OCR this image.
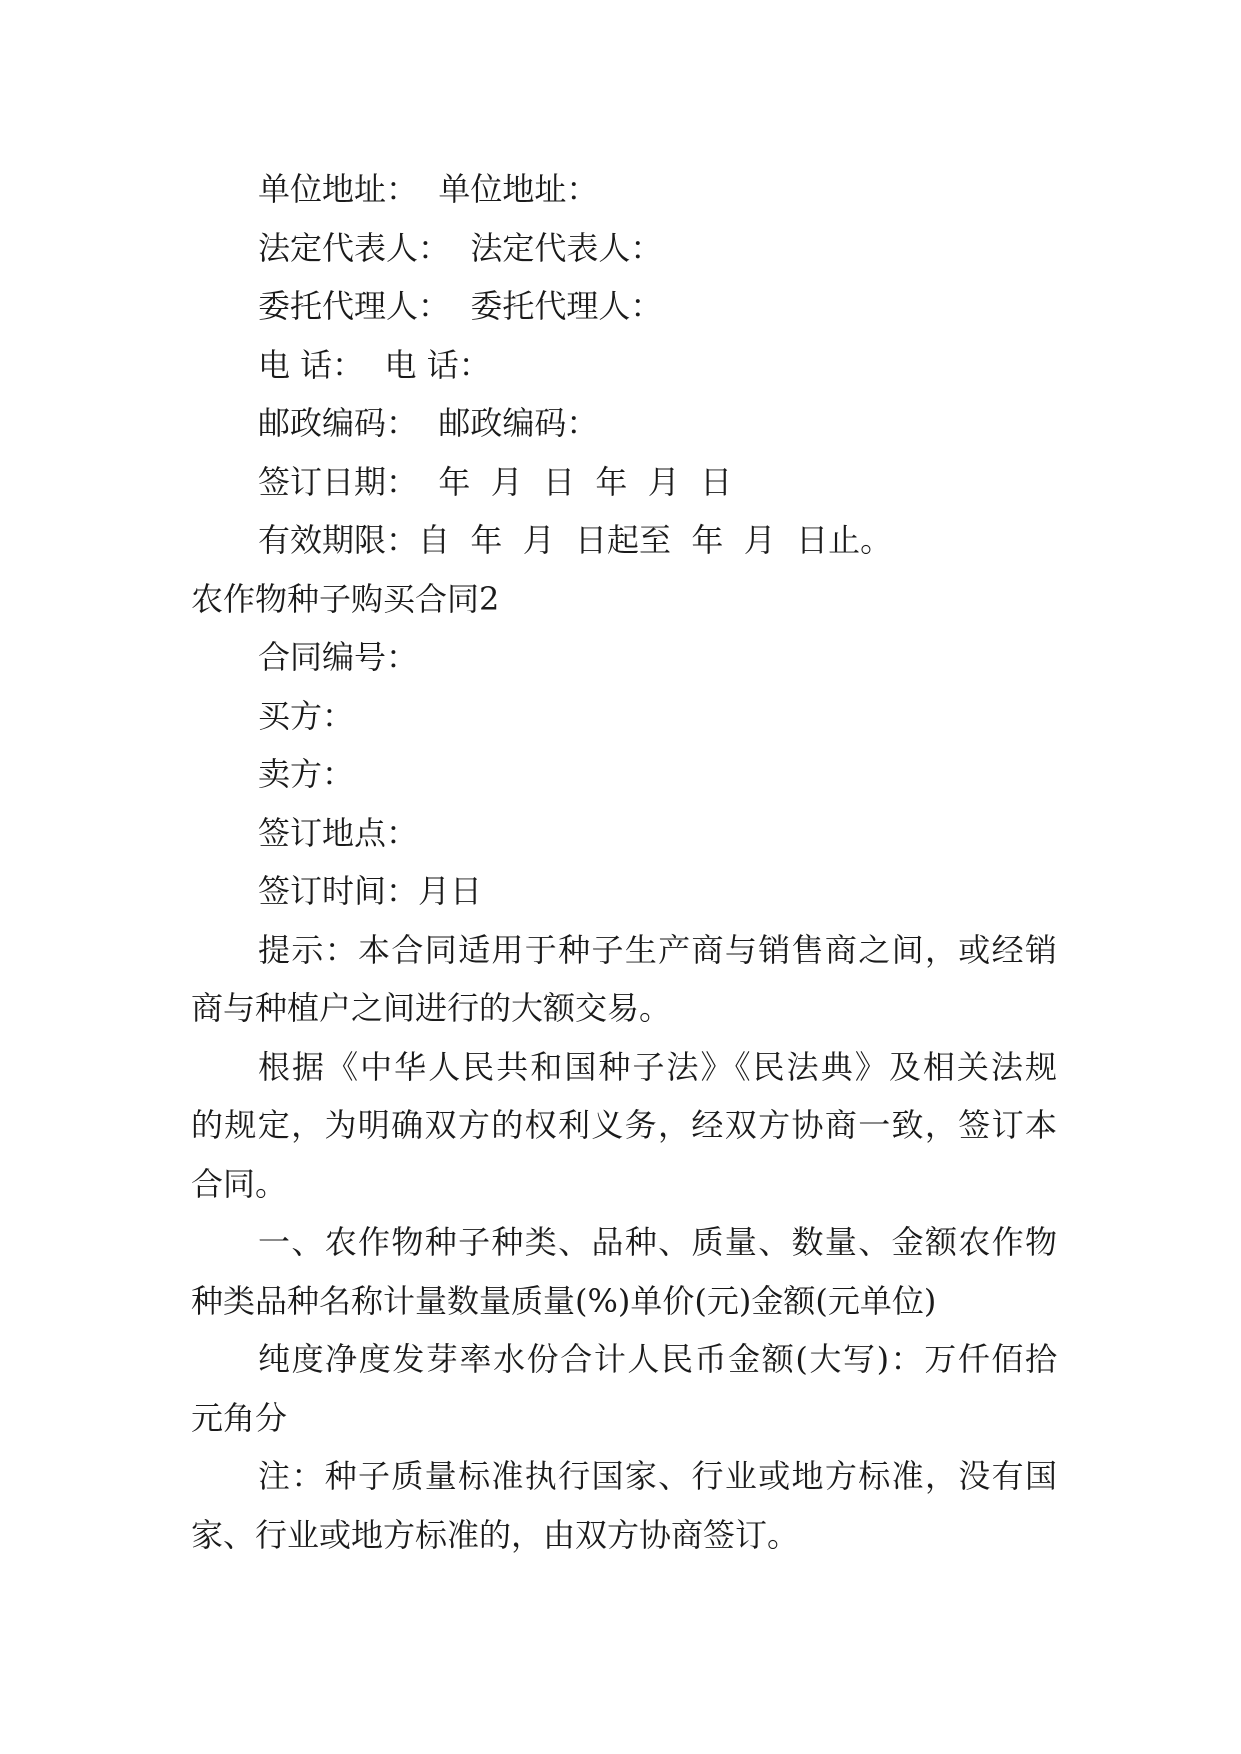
单位地址：  单位地址：
法定代表人：  法定代表人：
委托代理人：  委托代理人：
电 话：  电 话：
邮政编码：  邮政编码：
签订日期：  年  月  日  年  月  日
有效期限：自  年  月  日起至  年  月  日止。
农作物种子购买合同2
合同编号：
买方：
卖方：
签订地点：
签订时间：月日
提示：本合同适用于种子生产商与销售商之间，或经销
商与种植户之间进行的大额交易。
根据《中华人民共和国种子法》《民法典》及相关法规
的规定，为明确双方的权利义务，经双方协商一致，签订本
合同。
一、农作物种子种类、品种、质量、数量、金额农作物
种类品种名称计量数量质量(%)单价(元)金额(元单位)
纯度净度发芽率水份合计人民币金额(大写)：万仟佰拾
元角分
注：种子质量标准执行国家、行业或地方标准，没有国
家、行业或地方标准的，由双方协商签订。
